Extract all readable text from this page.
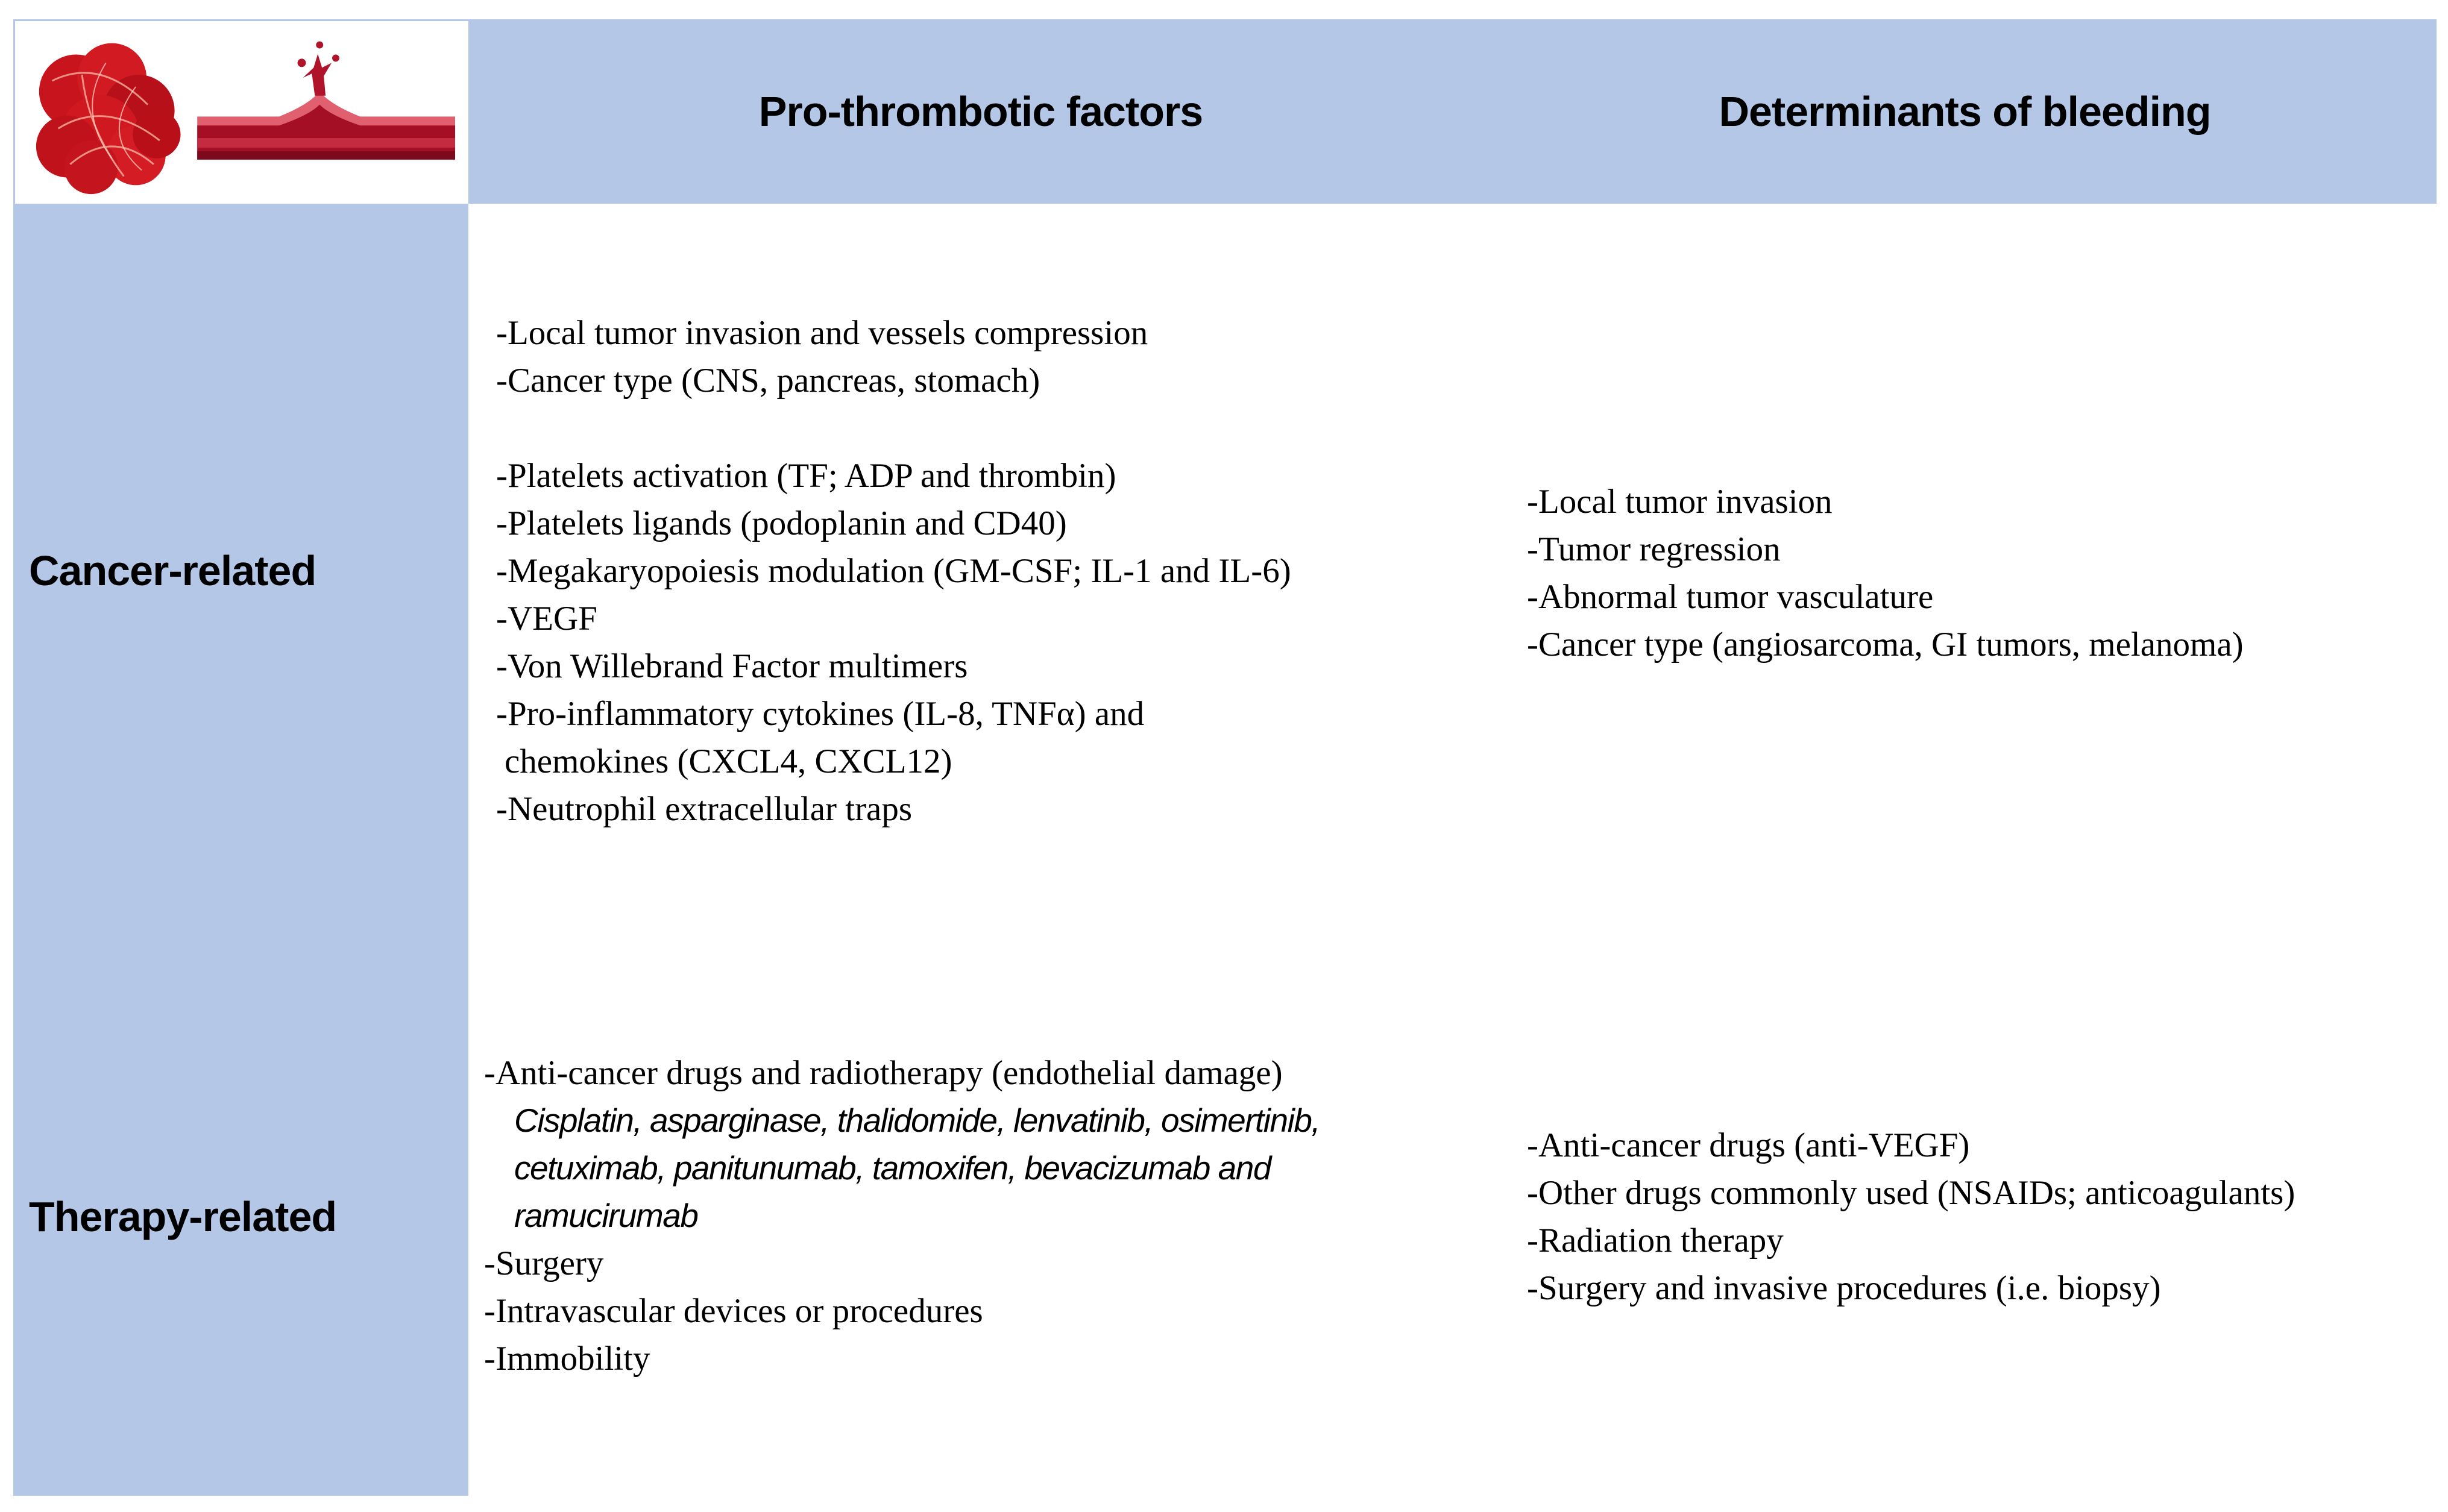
Pro-thrombotic factors	Determinants of bleeding
Cancer-related
-Local tumor invasion and vessels compression
-Cancer type (CNS, pancreas, stomach)
-Platelets activation (TF; ADP and thrombin)
-Platelets ligands (podoplanin and CD40)
-Megakaryopoiesis modulation (GM-CSF; IL-1 and IL-6)
-VEGF
-Von Willebrand Factor multimers
-Pro-inflammatory cytokines (IL-8, TNFα) and
chemokines (CXCL4, CXCL12)
-Neutrophil extracellular traps
-Local tumor invasion
-Tumor regression
-Abnormal tumor vasculature
-Cancer type (angiosarcoma, GI tumors, melanoma)
Therapy-related
-Anti-cancer drugs and radiotherapy (endothelial damage)
Cisplatin, asparginase, thalidomide, lenvatinib, osimertinib,
cetuximab, panitunumab, tamoxifen, bevacizumab and
ramucirumab
-Surgery
-Intravascular devices or procedures
-Immobility
-Anti-cancer drugs (anti-VEGF)
-Other drugs commonly used (NSAIDs; anticoagulants)
-Radiation therapy
-Surgery and invasive procedures (i.e. biopsy)
